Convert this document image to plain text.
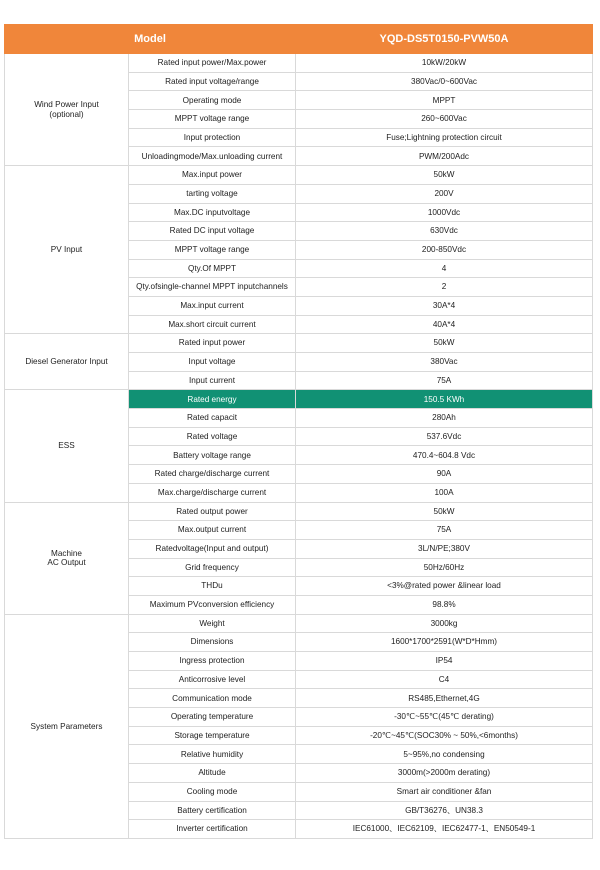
Model		YQD-DS5T0150-PVW50A
Wind Power Input
(optional)	Rated input power/Max.power	10kW/20kW
	Rated input voltage/range	380Vac/0~600Vac
	Operating mode	MPPT
	MPPT voltage range	260~600Vac
	Input protection	Fuse;Lightning protection circuit
	Unloadingmode/Max.unloading current	PWM/200Adc
PV Input	Max.input power	50kW
	tarting voltage	200V
	Max.DC inputvoltage	1000Vdc
	Rated DC input voltage	630Vdc
	MPPT voltage range	200-850Vdc
	Qty.Of MPPT	4
	Qty.ofsingle-channel MPPT inputchannels	2
	Max.input current	30A*4
	Max.short circuit current	40A*4
Diesel Generator Input	Rated input power	50kW
	Input voltage	380Vac
	Input current	75A
ESS	Rated energy	150.5 KWh
	Rated capacit	280Ah
	Rated voltage	537.6Vdc
	Battery voltage range	470.4~604.8 Vdc
	Rated charge/discharge current	90A
	Max.charge/discharge current	100A
Machine
AC Output	Rated output power	50kW
	Max.output current	75A
	Ratedvoltage(Input and output)	3L/N/PE;380V
	Grid frequency	50Hz/60Hz
	THDu	<3%@rated power &linear load
	Maximum PVconversion efficiency	98.8%
System Parameters	Weight	3000kg
	Dimensions	1600*1700*2591(W*D*Hmm)
	Ingress protection	IP54
	Anticorrosive level	C4
	Communication mode	RS485,Ethernet,4G
	Operating temperature	-30℃~55℃(45℃ derating)
	Storage temperature	-20℃~45℃(SOC30% ~ 50%,<6months)
	Relative humidity	5~95%,no condensing
	Altitude	3000m(>2000m derating)
	Cooling mode	Smart air conditioner &fan
	Battery certification	GB/T36276、UN38.3
	Inverter certification	IEC61000、IEC62109、IEC62477-1、EN50549-1
